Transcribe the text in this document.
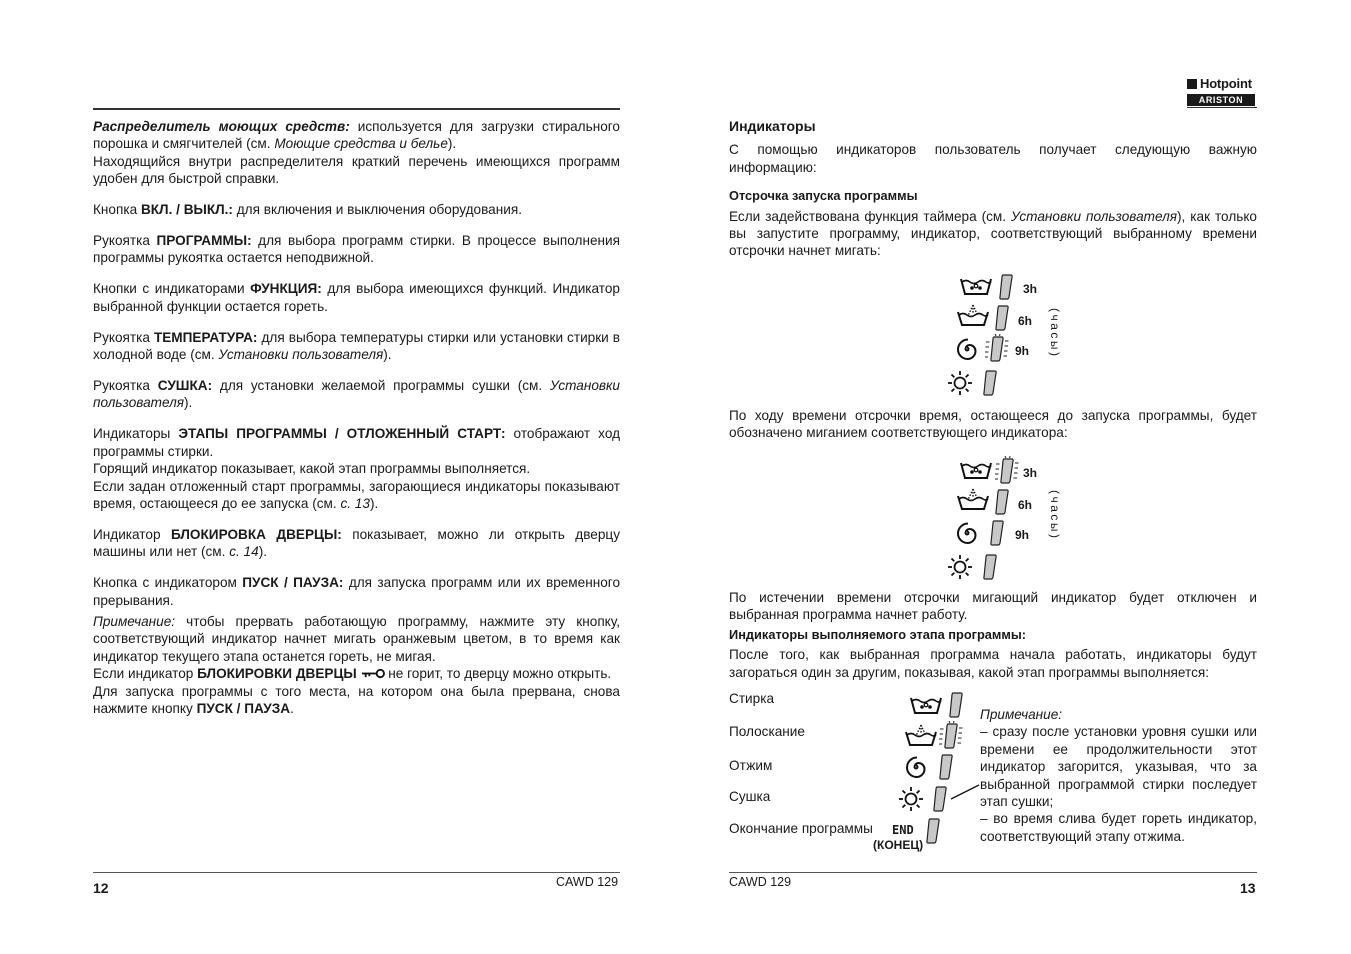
Hotpoint
ARISTON

Распределитель моющих средств: используется для загрузки стирального порошка и смягчителей (см. Моющие средства и белье).

Находящийся внутри распределителя краткий перечень имеющихся программ удобен для быстрой справки.

Кнопка ВКЛ. / ВЫКЛ.: для включения и выключения оборудования.

Рукоятка ПРОГРАММЫ: для выбора программ стирки. В процессе выполнения программы рукоятка остается неподвижной.

Кнопки с индикаторами ФУНКЦИЯ: для выбора имеющихся функций. Индикатор выбранной функции остается гореть.

Рукоятка ТЕМПЕРАТУРА: для выбора температуры стирки или установки стирки в холодной воде (см. Установки пользователя).

Рукоятка СУШКА: для установки желаемой программы сушки (см. Установки пользователя).

Индикаторы ЭТАПЫ ПРОГРАММЫ / ОТЛОЖЕННЫЙ СТАРТ: отображают ход программы стирки.

Горящий индикатор показывает, какой этап программы выполняется.

Если задан отложенный старт программы, загорающиеся индикаторы показывают время, остающееся до ее запуска (см. с. 13).

Индикатор БЛОКИРОВКА ДВЕРЦЫ: показывает, можно ли открыть дверцу машины или нет (см. с. 14).

Кнопка с индикатором ПУСК / ПАУЗА: для запуска программ или их временного прерывания.

Примечание: чтобы прервать работающую программу, нажмите эту кнопку, соответствующий индикатор начнет мигать оранжевым цветом, в то время как индикатор текущего этапа останется гореть, не мигая.

Если индикатор БЛОКИРОВКИ ДВЕРЦЫ  не горит, то дверцу можно открыть.

Для запуска программы с того места, на котором она была прервана, снова нажмите кнопку ПУСК / ПАУЗА.

12	CAWD 129

Индикаторы

С помощью индикаторов пользователь получает следующую важную информацию:

Отсрочка запуска программы

Если задействована функция таймера (см. Установки пользователя), как только вы запустите программу, индикатор, соответствующий выбранному времени отсрочки начнет мигать:

По ходу времени отсрочки время, остающееся до запуска программы, будет обозначено миганием соответствующего индикатора:

По истечении времени отсрочки мигающий индикатор будет отключен и выбранная программа начнет работу.

Индикаторы выполняемого этапа программы:

После того, как выбранная программа начала работать, индикаторы будут загораться один за другим, показывая, какой этап программы выполняется:

3h
6h
9h (часы)
3h
6h
9h (часы)
Стирка
Полоскание
Отжим
Сушка
Окончание программы END
(КОНЕЦ)

Примечание:

– сразу после установки уровня сушки или времени ее продолжительности этот индикатор загорится, указывая, что за выбранной программой стирки последует этап сушки;

– во время слива будет гореть индикатор, соответствующий этапу отжима.

CAWD 129	13
